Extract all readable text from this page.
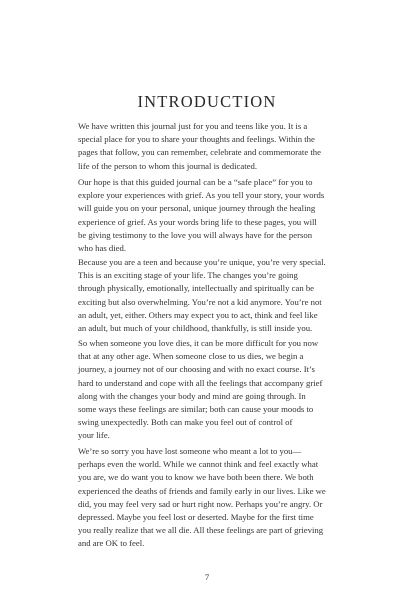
INTRODUCTION

We have written this journal just for you and teens like you. It is a
special place for you to share your thoughts and feelings. Within the
pages that follow, you can remember, celebrate and commemorate the
life of the person to whom this journal is dedicated.

Our hope is that this guided journal can be a “safe place” for you to
explore your experiences with grief. As you tell your story, your words
will guide you on your personal, unique journey through the healing
experience of grief. As your words bring life to these pages, you will
be giving testimony to the love you will always have for the person
who has died.

Because you are a teen and because you’re unique, you’re very special.
This is an exciting stage of your life. The changes you’re going
through physically, emotionally, intellectually and spiritually can be
exciting but also overwhelming. You’re not a kid anymore. You’re not
an adult, yet, either. Others may expect you to act, think and feel like
an adult, but much of your childhood, thankfully, is still inside you.

So when someone you love dies, it can be more difficult for you now
that at any other age. When someone close to us dies, we begin a
journey, a journey not of our choosing and with no exact course. It’s
hard to understand and cope with all the feelings that accompany grief
along with the changes your body and mind are going through. In
some ways these feelings are similar; both can cause your moods to
swing unexpectedly. Both can make you feel out of control of
your life.

We’re so sorry you have lost someone who meant a lot to you—
perhaps even the world. While we cannot think and feel exactly what
you are, we do want you to know we have both been there. We both
experienced the deaths of friends and family early in our lives. Like we
did, you may feel very sad or hurt right now. Perhaps you’re angry. Or
depressed. Maybe you feel lost or deserted. Maybe for the first time
you really realize that we all die. All these feelings are part of grieving
and are OK to feel.

7
